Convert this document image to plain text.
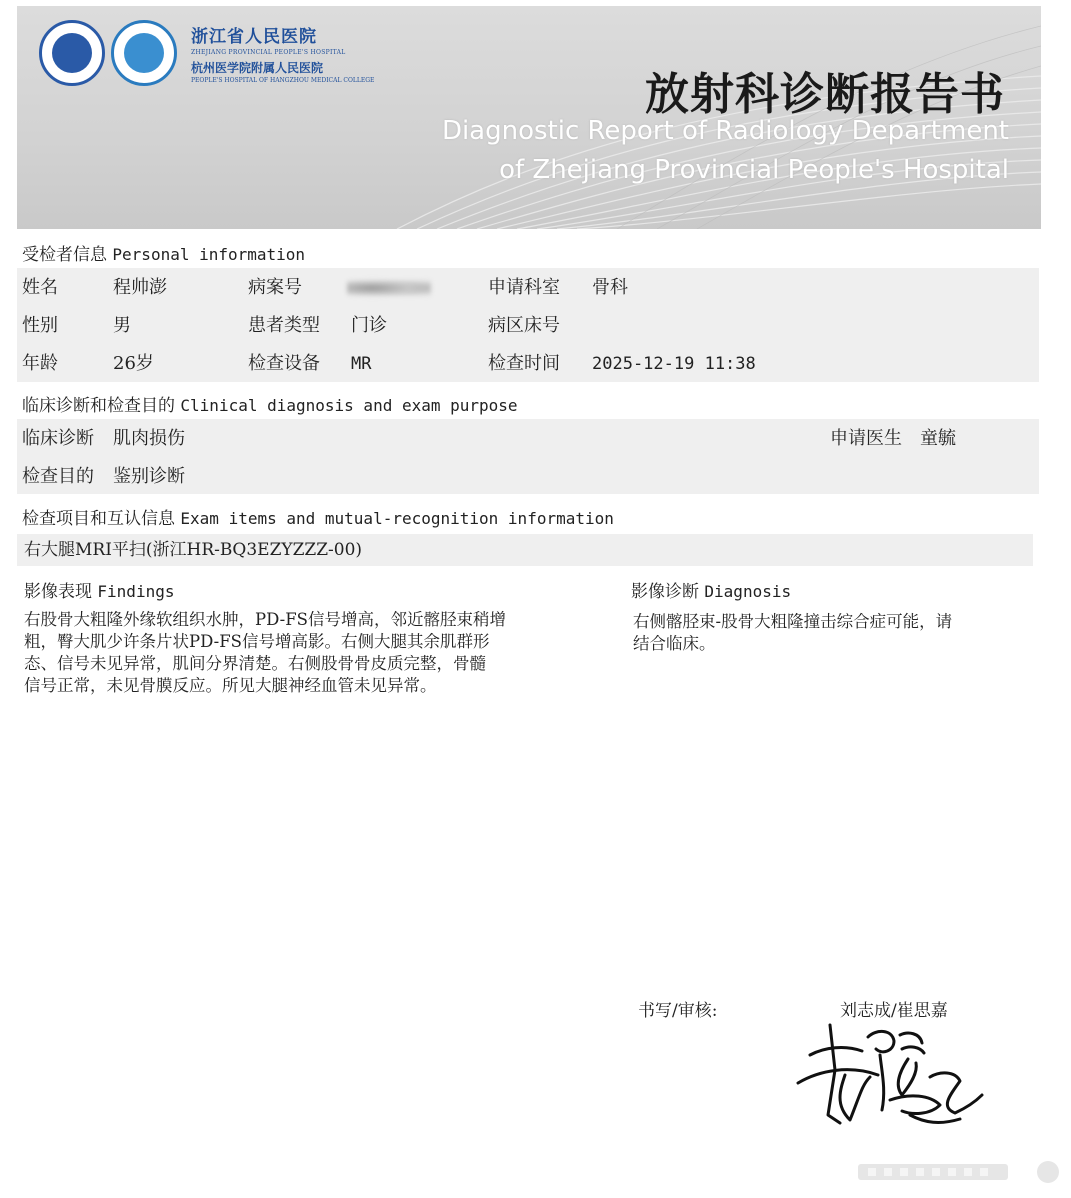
浙江省人民医院
ZHEJIANG PROVINCIAL PEOPLE'S HOSPITAL
杭州医学院附属人民医院
PEOPLE'S HOSPITAL OF HANGZHOU MEDICAL COLLEGE	放射科诊断报告书
Diagnostic Report of Radiology Department
of Zhejiang Provincial People's Hospital
受检者信息 Personal information
姓名	程帅澎	病案号	申请科室 骨科
性别	男	患者类型 门诊	病区床号
年龄	26岁	检查设备 MR	检查时间 2025-12-19 11:38
临床诊断和检查目的 Clinical diagnosis and exam purpose
临床诊断 肌肉损伤	申请医生 童毓
检查目的 鉴别诊断
检查项目和互认信息 Exam items and mutual-recognition information
右大腿MRI平扫(浙江HR-BQ3EZYZZZ-00)
影像表现 Findings
右股骨大粗隆外缘软组织水肿，PD-FS信号增高，邻近髂胫束稍增
粗，臀大肌少许条片状PD-FS信号增高影。右侧大腿其余肌群形
态、信号未见异常，肌间分界清楚。右侧股骨骨皮质完整，骨髓
信号正常，未见骨膜反应。所见大腿神经血管未见异常。
影像诊断 Diagnosis
右侧髂胫束-股骨大粗隆撞击综合症可能，请
结合临床。
书写/审核:	刘志成/崔思嘉
